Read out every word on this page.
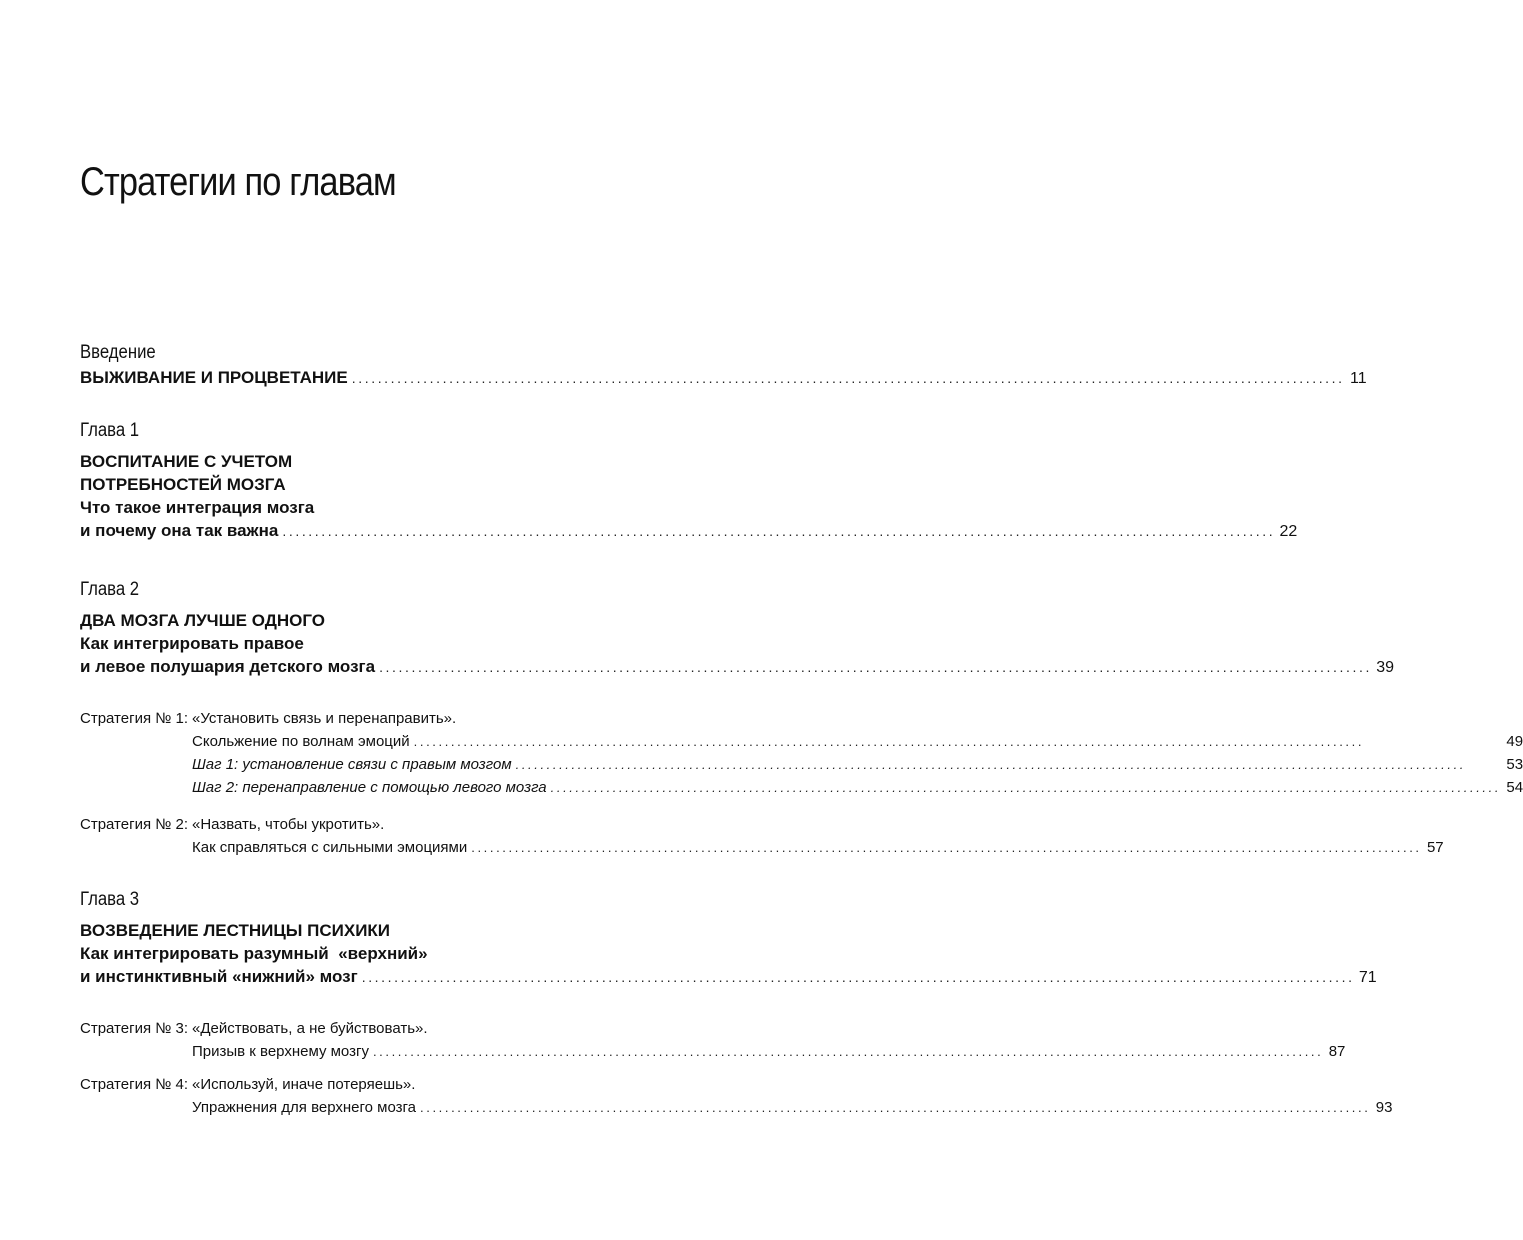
Стратегии по главам
Введение
ВЫЖИВАНИЕ И ПРОЦВЕТАНИЕ .....	11
Глава 1
ВОСПИТАНИЕ С УЧЕТОМ
ПОТРЕБНОСТЕЙ МОЗГА
Что такое интеграция мозга
и почему она так важна .....	22
Глава 2
ДВА МОЗГА ЛУЧШЕ ОДНОГО
Как интегрировать правое
и левое полушария детского мозга .....	39
Стратегия № 1: «Установить связь и перенаправить».
Скольжение по волнам эмоций .....	49
Шаг 1: установление связи с правым мозгом .....	53
Шаг 2: перенаправление с помощью левого мозга .....	54
Стратегия № 2: «Назвать, чтобы укротить».
Как справляться с сильными эмоциями .....	57
Глава 3
ВОЗВЕДЕНИЕ ЛЕСТНИЦЫ ПСИХИКИ
Как интегрировать разумный  «верхний»
и инстинктивный «нижний» мозг .....	71
Стратегия № 3: «Действовать, а не буйствовать».
Призыв к верхнему мозгу .....	87
Стратегия № 4: «Используй, иначе потеряешь».
Упражнения для верхнего мозга .....	93
